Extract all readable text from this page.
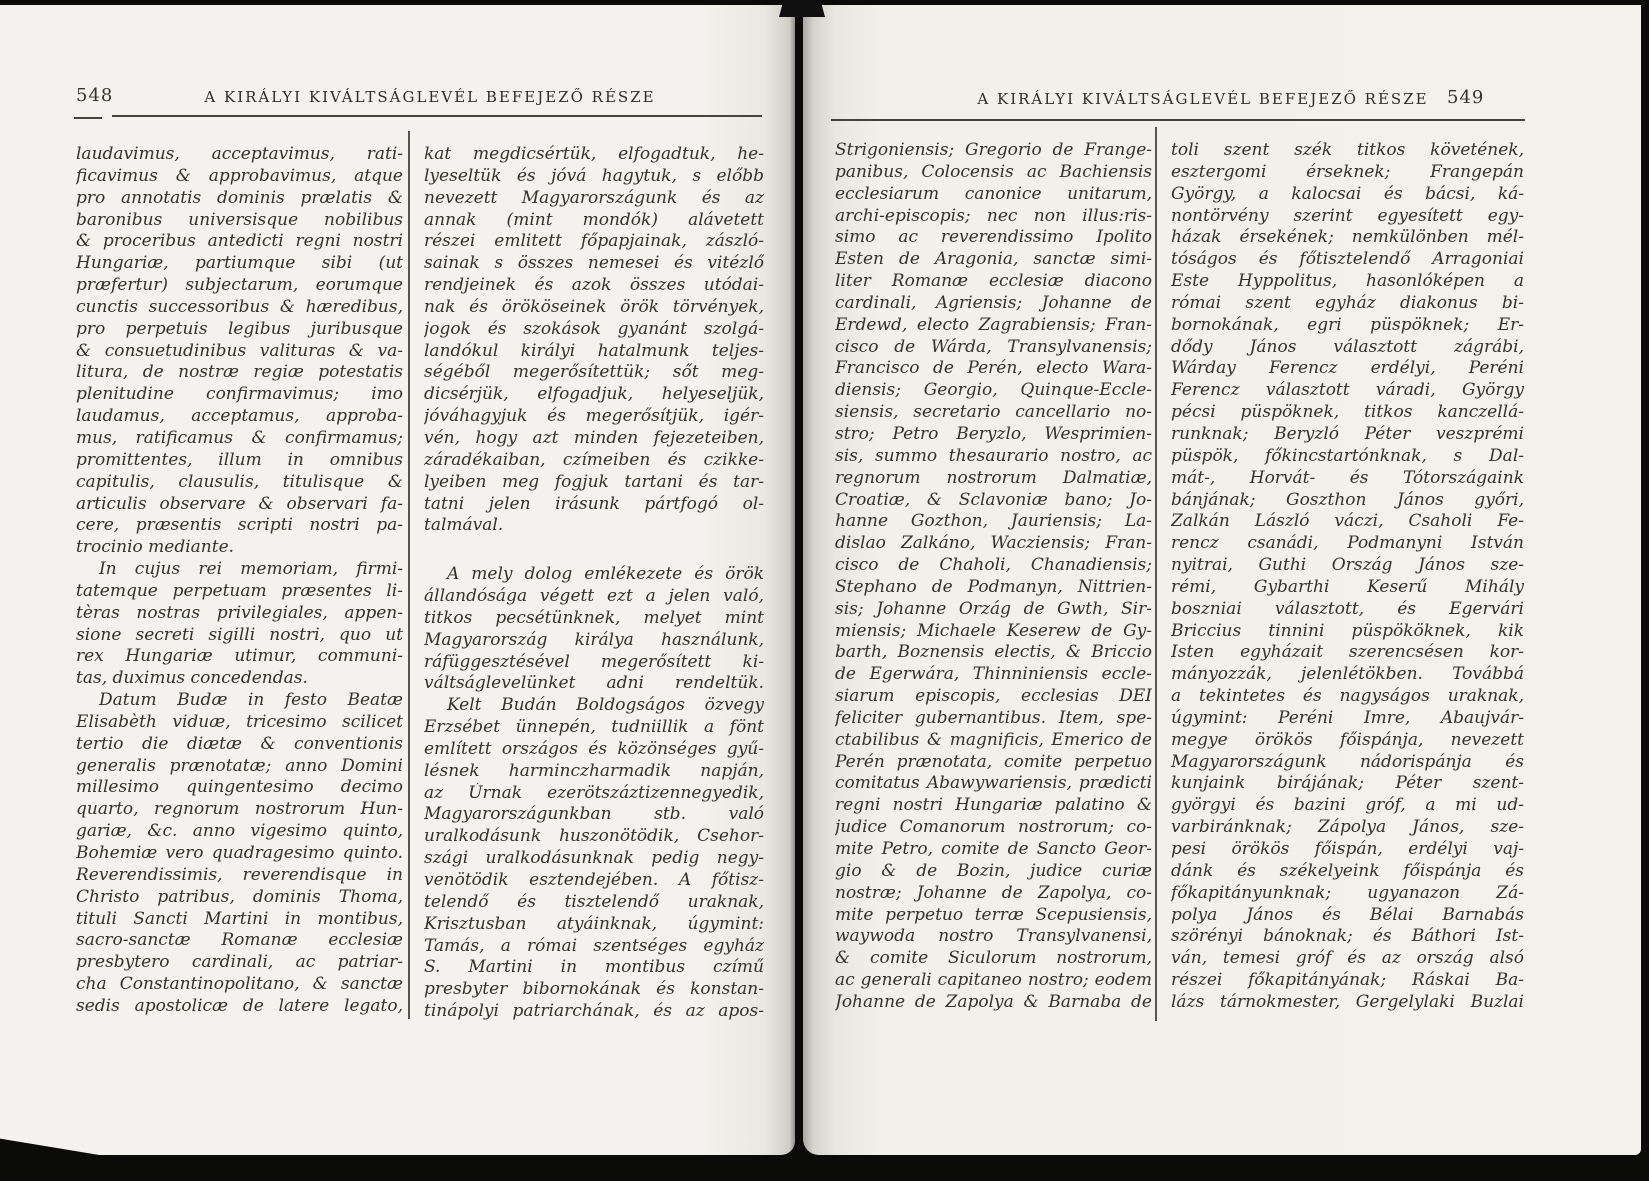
548	A KIRÁLYI KIVÁLTSÁGLEVÉL BEFEJEZŐ RÉSZE
laudavimus, acceptavimus, rati-
ficavimus & approbavimus, atque
pro annotatis dominis prælatis &
baronibus universisque nobilibus
& proceribus antedicti regni nostri
Hungariæ, partiumque sibi (ut
præfertur) subjectarum, eorumque
cunctis successoribus & hæredibus,
pro perpetuis legibus juribusque
& consuetudinibus valituras & va-
litura, de nostræ regiæ potestatis
plenitudine confirmavimus; imo
laudamus, acceptamus, approba-
mus, ratificamus & confirmamus;
promittentes, illum in omnibus
capitulis, clausulis, titulisque &
articulis observare & observari fa-
cere, præsentis scripti nostri pa-
trocinio mediante.
In cujus rei memoriam, firmi-
tatemque perpetuam præsentes li-
tèras nostras privilegiales, appen-
sione secreti sigilli nostri, quo ut
rex Hungariæ utimur, communi-
tas, duximus concedendas.
Datum Budæ in festo Beatæ
Elisabèth viduæ, tricesimo scilicet
tertio die diætæ & conventionis
generalis prænotatæ; anno Domini
millesimo quingentesimo decimo
quarto, regnorum nostrorum Hun-
gariæ, &c. anno vigesimo quinto,
Bohemiæ vero quadragesimo quinto.
Reverendissimis, reverendisque in
Christo patribus, dominis Thoma,
tituli Sancti Martini in montibus,
sacro-sanctæ Romanæ ecclesiæ
presbytero cardinali, ac patriar-
cha Constantinopolitano, & sanctæ
sedis apostolicæ de latere legato,
kat megdicsértük, elfogadtuk, he-
lyeseltük és jóvá hagytuk, s előbb
nevezett Magyarországunk és az
annak (mint mondók) alávetett
részei emlitett főpapjainak, zászló-
sainak s összes nemesei és vitézlő
rendjeinek és azok összes utódai-
nak és örököseinek örök törvények,
jogok és szokások gyanánt szolgá-
landókul királyi hatalmunk teljes-
ségéből megerősítettük; sőt meg-
dicsérjük, elfogadjuk, helyeseljük,
jóváhagyjuk és megerősítjük, igér-
vén, hogy azt minden fejezeteiben,
záradékaiban, czímeiben és czikke-
lyeiben meg fogjuk tartani és tar-
tatni jelen irásunk pártfogó ol-
talmával.
A mely dolog emlékezete és örök
állandósága végett ezt a jelen való,
titkos pecsétünknek, melyet mint
Magyarország királya használunk,
ráfüggesztésével megerősített ki-
váltságlevelünket adni rendeltük.
Kelt Budán Boldogságos özvegy
Erzsébet ünnepén, tudniillik a fönt
említett országos és közönséges gyű-
lésnek harminczharmadik napján,
az Úrnak ezerötszáztizennegyedik,
Magyarországunkban stb. való
uralkodásunk huszonötödik, Csehor-
szági uralkodásunknak pedig negy-
venötödik esztendejében. A főtisz-
telendő és tisztelendő uraknak,
Krisztusban atyáinknak, úgymint:
Tamás, a római szentséges egyház
S. Martini in montibus czímű
presbyter bibornokának és konstan-
tinápolyi patriarchának, és az apos-
A KIRÁLYI KIVÁLTSÁGLEVÉL BEFEJEZŐ RÉSZE	549
Strigoniensis; Gregorio de Frange-
panibus, Colocensis ac Bachiensis
ecclesiarum canonice unitarum,
archi-episcopis; nec non illus:ris-
simo ac reverendissimo Ipolito
Esten de Aragonia, sanctæ simi-
liter Romanæ ecclesiæ diacono
cardinali, Agriensis; Johanne de
Erdewd, electo Zagrabiensis; Fran-
cisco de Wárda, Transylvanensis;
Francisco de Perén, electo Wara-
diensis; Georgio, Quinque-Eccle-
siensis, secretario cancellario no-
stro; Petro Beryzlo, Wesprimien-
sis, summo thesaurario nostro, ac
regnorum nostrorum Dalmatiæ,
Croatiæ, & Sclavoniæ bano; Jo-
hanne Gozthon, Jauriensis; La-
dislao Zalkáno, Wacziensis; Fran-
cisco de Chaholi, Chanadiensis;
Stephano de Podmanyn, Nittrien-
sis; Johanne Orzág de Gwth, Sir-
miensis; Michaele Keserew de Gy-
barth, Boznensis electis, & Briccio
de Egerwára, Thinniniensis eccle-
siarum episcopis, ecclesias DEI
feliciter gubernantibus. Item, spe-
ctabilibus & magnificis, Emerico de
Perén prænotata, comite perpetuo
comitatus Abawywariensis, prædicti
regni nostri Hungariæ palatino &
judice Comanorum nostrorum; co-
mite Petro, comite de Sancto Geor-
gio & de Bozin, judice curiæ
nostræ; Johanne de Zapolya, co-
mite perpetuo terræ Scepusiensis,
waywoda nostro Transylvanensi,
& comite Siculorum nostrorum,
ac generali capitaneo nostro; eodem
Johanne de Zapolya & Barnaba de
toli szent szék titkos követének,
esztergomi érseknek; Frangepán
György, a kalocsai és bácsi, ká-
nontörvény szerint egyesített egy-
házak érsekének; nemkülönben mél-
tóságos és főtisztelendő Arragoniai
Este Hyppolitus, hasonlóképen a
római szent egyház diakonus bi-
bornokának, egri püspöknek; Er-
dődy János választott zágrábi,
Wárday Ferencz erdélyi, Peréni
Ferencz választott váradi, György
pécsi püspöknek, titkos kanczellá-
runknak; Beryzló Péter veszprémi
püspök, főkincstartónknak, s Dal-
mát-, Horvát- és Tótországaink
bánjának; Goszthon János győri,
Zalkán László váczi, Csaholi Fe-
rencz csanádi, Podmanyni István
nyitrai, Guthi Ország János sze-
rémi, Gybarthi Keserű Mihály
boszniai választott, és Egervári
Briccius tinnini püspököknek, kik
Isten egyházait szerencsésen kor-
mányozzák, jelenlétökben. Továbbá
a tekintetes és nagyságos uraknak,
úgymint: Peréni Imre, Abaujvár-
megye örökös főispánja, nevezett
Magyarországunk nádorispánja és
kunjaink birájának; Péter szent-
györgyi és bazini gróf, a mi ud-
varbiránknak; Zápolya János, sze-
pesi örökös főispán, erdélyi vaj-
dánk és székelyeink főispánja és
főkapitányunknak; ugyanazon Zá-
polya János és Bélai Barnabás
szörényi bánoknak; és Báthori Ist-
ván, temesi gróf és az ország alsó
részei főkapitányának; Ráskai Ba-
lázs tárnokmester, Gergelylaki Buzlai
